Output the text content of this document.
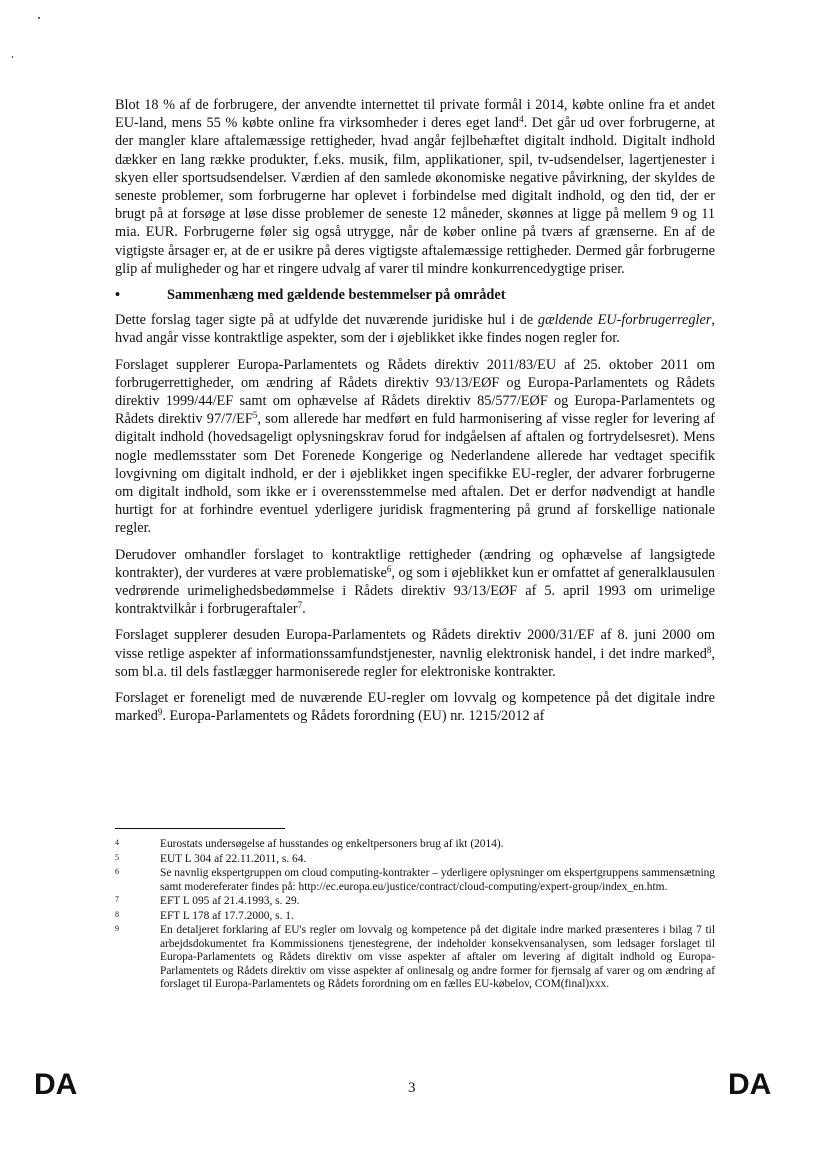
Blot 18 % af de forbrugere, der anvendte internettet til private formål i 2014, købte online fra et andet EU-land, mens 55 % købte online fra virksomheder i deres eget land$^4$. Det går ud over forbrugerne, at der mangler klare aftalemæssige rettigheder, hvad angår fejlbehæftet digitalt indhold. Digitalt indhold dækker en lang række produkter, f.eks. musik, film, applikationer, spil, tv-udsendelser, lagertjenester i skyen eller sportsudsendelser. Værdien af den samlede økonomiske negative påvirkning, der skyldes de seneste problemer, som forbrugerne har oplevet i forbindelse med digitalt indhold, og den tid, der er brugt på at forsøge at løse disse problemer de seneste 12 måneder, skønnes at ligge på mellem 9 og 11 mia. EUR. Forbrugerne føler sig også utrygge, når de køber online på tværs af grænserne. En af de vigtigste årsager er, at de er usikre på deres vigtigste aftalemæssige rettigheder. Dermed går forbrugerne glip af muligheder og har et ringere udvalg af varer til mindre konkurrencedygtige priser.

•	Sammenhæng med gældende bestemmelser på området

Dette forslag tager sigte på at udfylde det nuværende juridiske hul i de gældende EU-forbrugerregler, hvad angår visse kontraktlige aspekter, som der i øjeblikket ikke findes nogen regler for.

Forslaget supplerer Europa-Parlamentets og Rådets direktiv 2011/83/EU af 25. oktober 2011 om forbrugerrettigheder, om ændring af Rådets direktiv 93/13/EØF og Europa-Parlamentets og Rådets direktiv 1999/44/EF samt om ophævelse af Rådets direktiv 85/577/EØF og Europa-Parlamentets og Rådets direktiv $97/7/EF^5$, som allerede har medført en fuld harmonisering af visse regler for levering af digitalt indhold (hovedsageligt oplysningskrav forud for indgåelsen af aftalen og fortrydelsesret). Mens nogle medlemsstater som Det Forenede Kongerige og Nederlandene allerede har vedtaget specifik lovgivning om digitalt indhold, er der i øjeblikket ingen specifikke EU-regler, der advarer forbrugerne om digitalt indhold, som ikke er i overensstemmelse med aftalen. Det er derfor nødvendigt at handle hurtigt for at forhindre eventuel yderligere juridisk fragmentering på grund af forskellige nationale regler.

Derudover omhandler forslaget to kontraktlige rettigheder (ændring og ophævelse af langsigtede kontrakter), der vurderes at være problematiske$^6$, og som i øjeblikket kun er omfattet af generalklausulen vedrørende urimelighedsbedømmelse i Rådets direktiv 93/13/EØF af 5. april 1993 om urimelige kontraktvilkår i forbrugeraftaler$^7$.

Forslaget supplerer desuden Europa-Parlamentets og Rådets direktiv 2000/31/EF af 8. juni 2000 om visse retlige aspekter af informationssamfundstjenester, navnlig elektronisk handel, i det indre marked$^8$, som bl.a. til dels fastlægger harmoniserede regler for elektroniske kontrakter.

Forslaget er foreneligt med de nuværende EU-regler om lovvalg og kompetence på det digitale indre marked$^9$. Europa-Parlamentets og Rådets forordning (EU) nr. 1215/2012 af

4	Eurostats undersøgelse af husstandes og enkeltpersoners brug af ikt (2014).
5	EUT L 304 af 22.11.2011, s. 64.
6	Se navnlig ekspertgruppen om cloud computing-kontrakter – yderligere oplysninger om ekspertgruppens sammensætning samt modereferater findes på: http://ec.europa.eu/justice/contract/cloud-computing/expert-group/index_en.htm.
7	EFT L 095 af 21.4.1993, s. 29.
8	EFT L 178 af 17.7.2000, s. 1.
9	En detaljeret forklaring af EU's regler om lovvalg og kompetence på det digitale indre marked præsenteres i bilag 7 til arbejdsdokumentet fra Kommissionens tjenestegrene, der indeholder konsekvensanalysen, som ledsager forslaget til Europa-Parlamentets og Rådets direktiv om visse aspekter af aftaler om levering af digitalt indhold og Europa-Parlamentets og Rådets direktiv om visse aspekter af onlinesalg og andre former for fjernsalg af varer og om ændring af forslaget til Europa-Parlamentets og Rådets forordning om en fælles EU-købelov, COM(final)xxx.
DA	3	DA
